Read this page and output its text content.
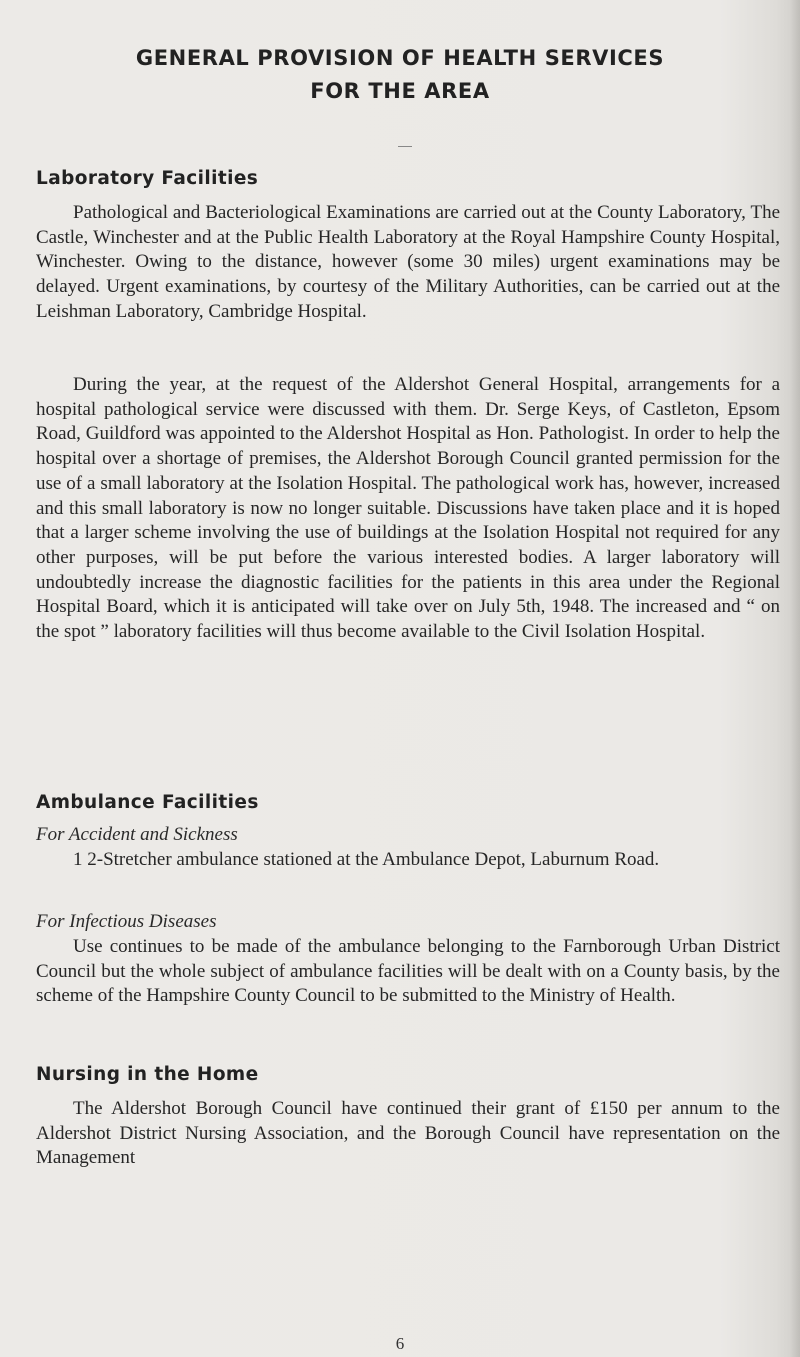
GENERAL PROVISION OF HEALTH SERVICES
FOR THE AREA
Laboratory Facilities

Pathological and Bacteriological Examinations are carried out at the County Laboratory, The Castle, Winchester and at the Public Health Laboratory at the Royal Hampshire County Hospital, Winchester. Owing to the distance, however (some 30 miles) urgent examinations may be delayed. Urgent examinations, by courtesy of the Military Authorities, can be carried out at the Leishman Laboratory, Cambridge Hospital.

During the year, at the request of the Aldershot General Hospital, arrangements for a hospital pathological service were discussed with them. Dr. Serge Keys, of Castleton, Epsom Road, Guildford was appointed to the Aldershot Hospital as Hon. Pathologist. In order to help the hospital over a shortage of premises, the Aldershot Borough Council granted permission for the use of a small laboratory at the Isolation Hospital. The pathological work has, however, increased and this small laboratory is now no longer suitable. Discussions have taken place and it is hoped that a larger scheme involving the use of buildings at the Isolation Hospital not required for any other purposes, will be put before the various interested bodies. A larger laboratory will undoubtedly increase the diagnostic facilities for the patients in this area under the Regional Hospital Board, which it is anticipated will take over on July 5th, 1948. The increased and “ on the spot ” laboratory facilities will thus become available to the Civil Isolation Hospital.

Ambulance Facilities

For Accident and Sickness

1 2-Stretcher ambulance stationed at the Ambulance Depot, Laburnum Road.

For Infectious Diseases

Use continues to be made of the ambulance belonging to the Farnborough Urban District Council but the whole subject of ambulance facilities will be dealt with on a County basis, by the scheme of the Hampshire County Council to be submitted to the Ministry of Health.

Nursing in the Home

The Aldershot Borough Council have continued their grant of £150 per annum to the Aldershot District Nursing Association, and the Borough Council have representation on the Management

6
